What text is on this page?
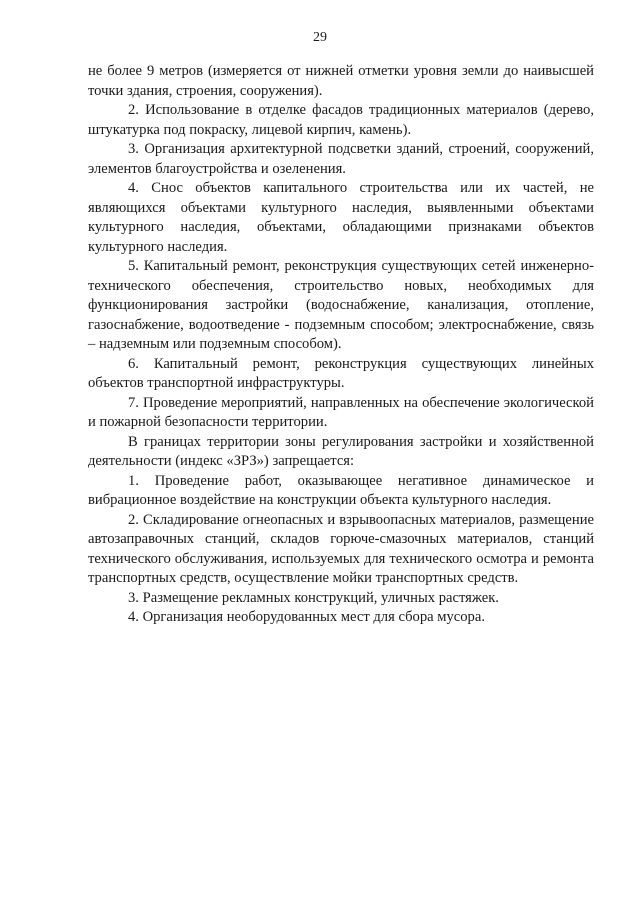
29

не более 9 метров (измеряется от нижней отметки уровня земли до наивысшей точки здания, строения, сооружения).

2. Использование в отделке фасадов традиционных материалов (дерево, штукатурка под покраску, лицевой кирпич, камень).

3. Организация архитектурной подсветки зданий, строений, сооружений, элементов благоустройства и озеленения.

4. Снос объектов капитального строительства или их частей, не являющихся объектами культурного наследия, выявленными объектами культурного наследия, объектами, обладающими признаками объектов культурного наследия.

5. Капитальный ремонт, реконструкция существующих сетей инженерно-технического обеспечения, строительство новых, необходимых для функционирования застройки (водоснабжение, канализация, отопление, газоснабжение, водоотведение - подземным способом; электроснабжение, связь – надземным или подземным способом).

6. Капитальный ремонт, реконструкция существующих линейных объектов транспортной инфраструктуры.

7. Проведение мероприятий, направленных на обеспечение экологической и пожарной безопасности территории.

В границах территории зоны регулирования застройки и хозяйственной деятельности (индекс «ЗРЗ») запрещается:

1. Проведение работ, оказывающее негативное динамическое и вибрационное воздействие на конструкции объекта культурного наследия.

2. Складирование огнеопасных и взрывоопасных материалов, размещение автозаправочных станций, складов горюче-смазочных материалов, станций технического обслуживания, используемых для технического осмотра и ремонта транспортных средств, осуществление мойки транспортных средств.

3. Размещение рекламных конструкций, уличных растяжек.

4. Организация необорудованных мест для сбора мусора.
